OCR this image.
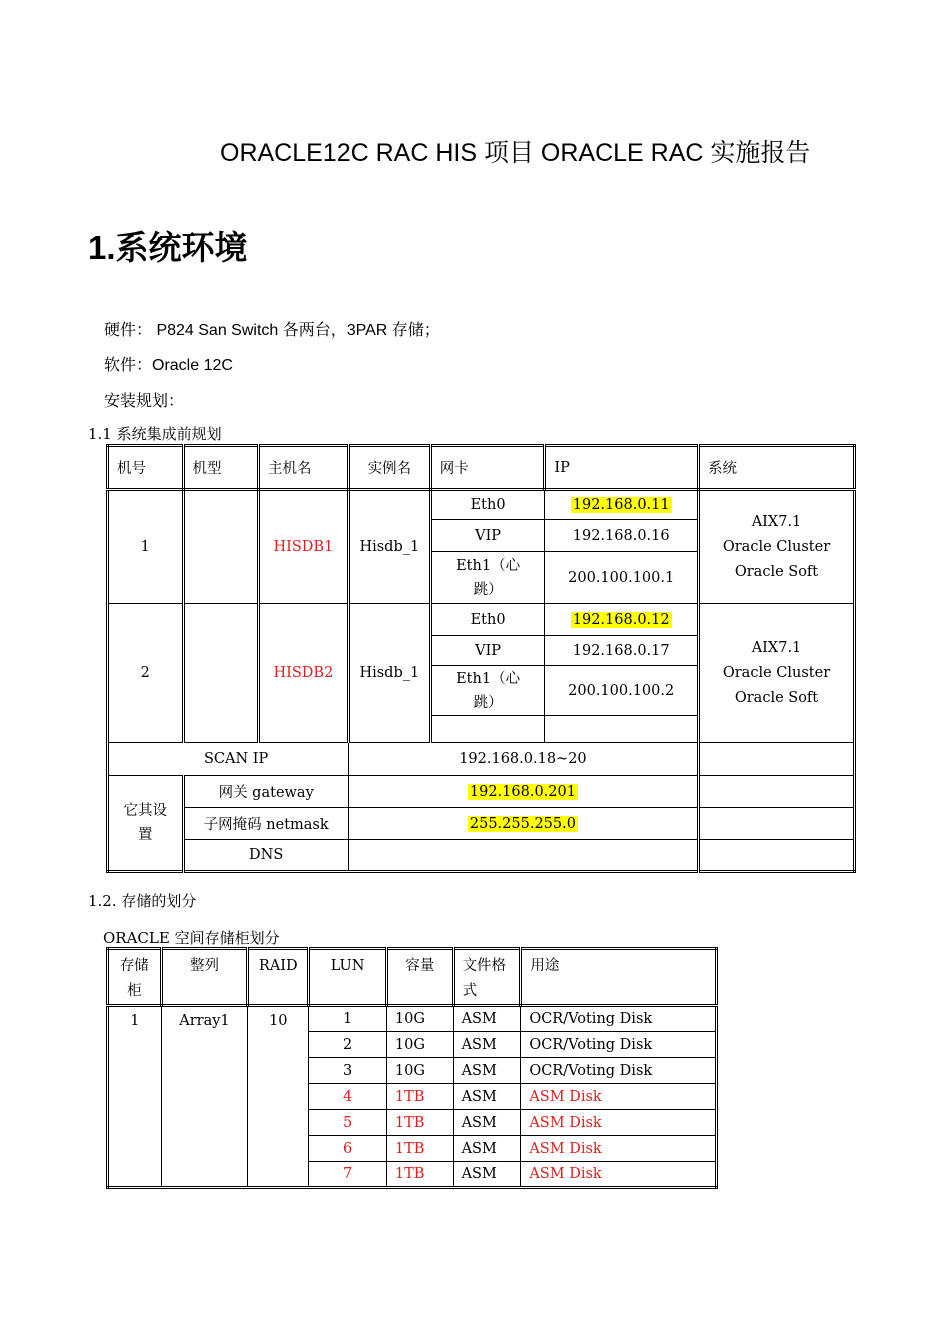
ORACLE12C RAC HIS 项目 ORACLE RAC 实施报告
1.系统环境
硬件： P824 San Switch 各两台，3PAR 存储；
软件：Oracle 12C
安装规划：
1.1 系统集成前规划
机号	机型	主机名	实例名	网卡	IP	系统
1		HISDB1	Hisdb_1	Eth0	192.168.0.11	AIX7.1
Oracle Cluster
Oracle Soft

				VIP	192.168.0.16	
				Eth1（心跳）	200.100.100.1	
2		HISDB2	Hisdb_1	Eth0	192.168.0.12	AIX7.1
Oracle Cluster
Oracle Soft

				VIP	192.168.0.17	
				Eth1（心跳）	200.100.100.2	

SCAN IP			192.168.0.18~20			
它其设置	网关 gateway		192.168.0.201			
	子网掩码 netmask		255.255.255.0			
	DNS					
1.2. 存储的划分
ORACLE 空间存储柜划分
存储柜	整列	RAID	LUN	容量	文件格式	用途
1	Array1	10	1	10G	ASM	OCR/Voting Disk
			2	10G	ASM	OCR/Voting Disk
			3	10G	ASM	OCR/Voting Disk
			4	1TB	ASM	ASM Disk
			5	1TB	ASM	ASM Disk
			6	1TB	ASM	ASM Disk
			7	1TB	ASM	ASM Disk
